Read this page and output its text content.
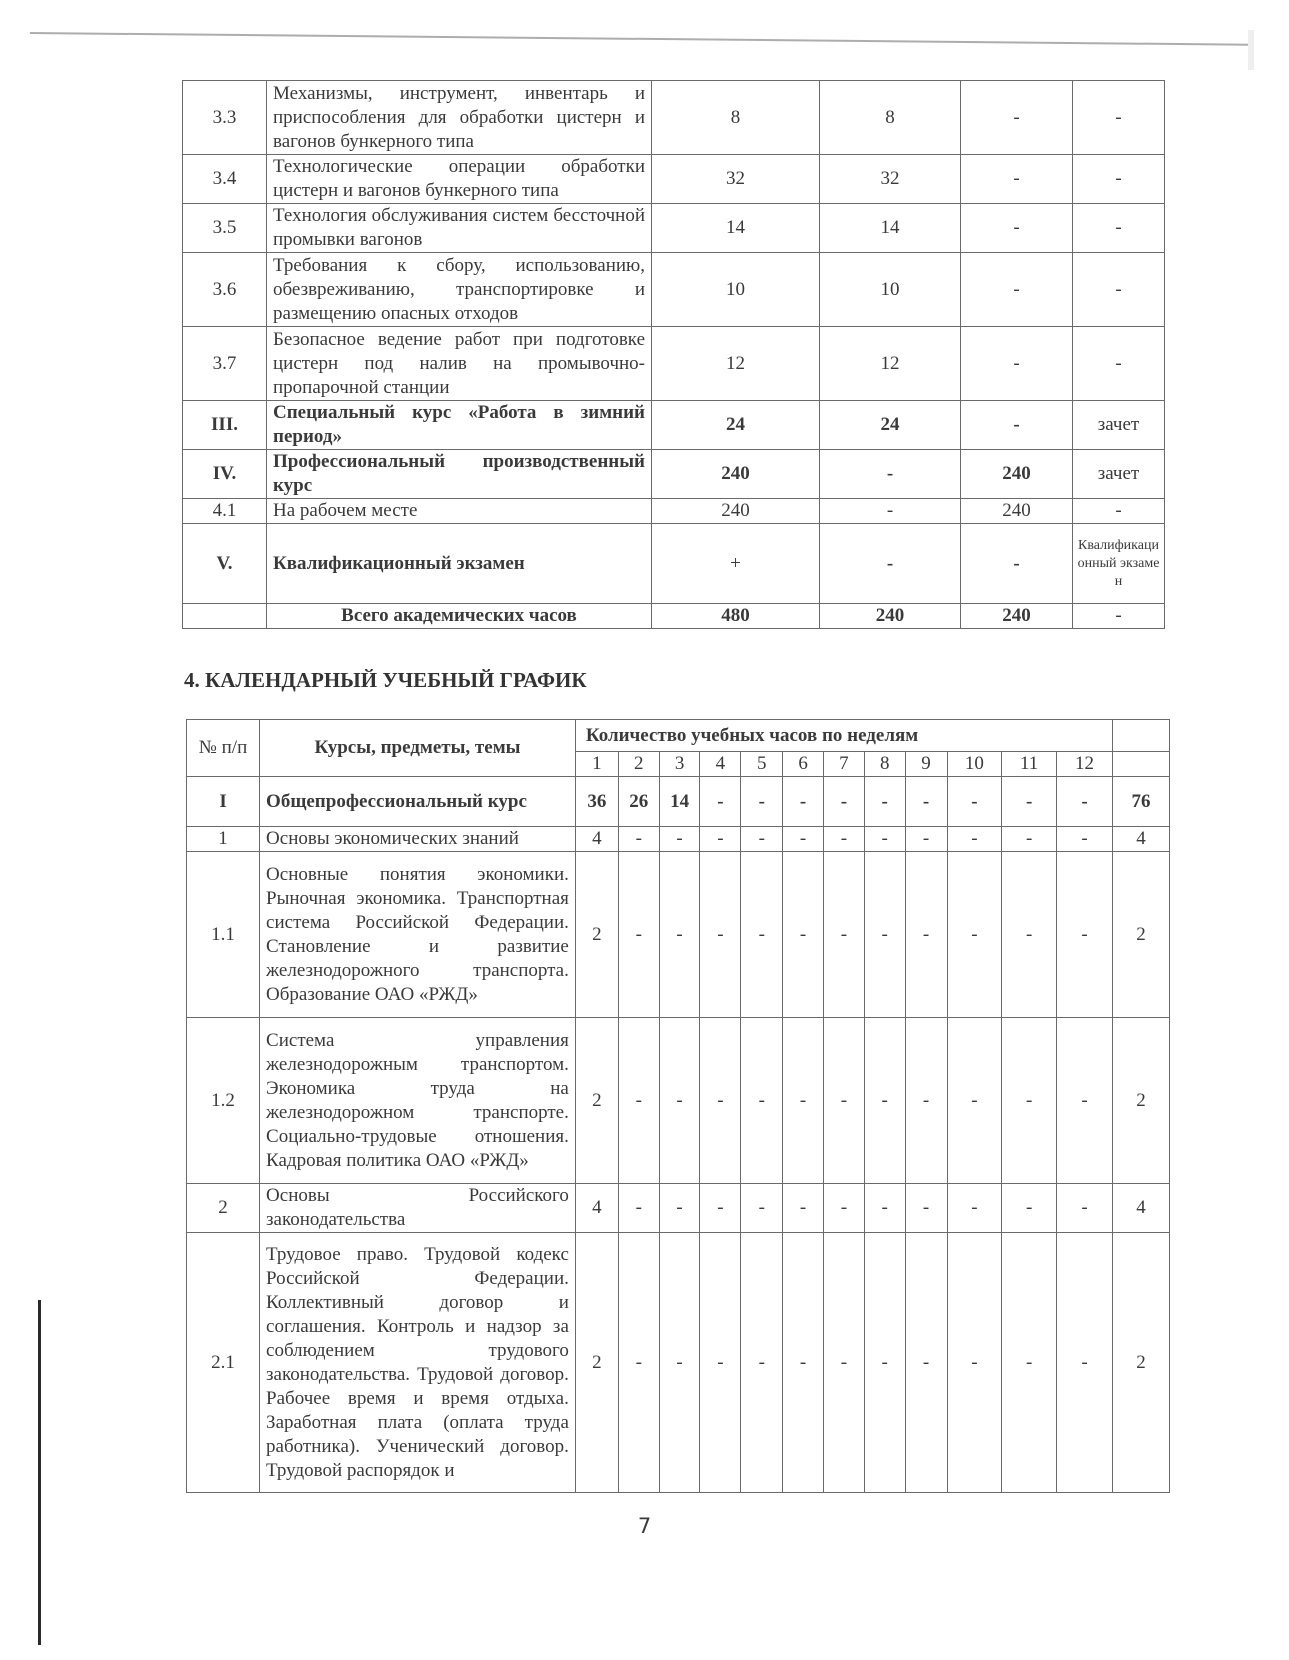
3.3	Механизмы, инструмент, инвентарь и приспособления для обработки цистерн и вагонов бункерного типа	8	8	-	-
3.4	Технологические операции обработки цистерн и вагонов бункерного типа	32	32	-	-
3.5	Технология обслуживания систем бессточной промывки вагонов	14	14	-	-
3.6	Требования к сбору, использованию, обезвреживанию, транспортировке и размещению опасных отходов	10	10	-	-
3.7	Безопасное ведение работ при подготовке цистерн под налив на промывочно-пропарочной станции	12	12	-	-
III.	Специальный курс «Работа в зимний период»	24	24	-	зачет
IV.	Профессиональный производственный курс	240	-	240	зачет
4.1	На рабочем месте	240	-	240	-
V.	Квалификационный экзамен	+	-	-	Квалификационный экзамен
	Всего академических часов	480	240	240	-
4. КАЛЕНДАРНЫЙ УЧЕБНЫЙ ГРАФИК
№ п/п	Курсы, предметы, темы	Количество учебных часов по неделям												
		1	2	3	4	5	6	7	8	9	10	11	12	
I	Общепрофессиональный курс	36	26	14	-	-	-	-	-	-	-	-	-	76
1	Основы экономических знаний	4	-	-	-	-	-	-	-	-	-	-	-	4
1.1	Основные понятия экономики. Рыночная экономика. Транспортная система Российской Федерации. Становление и развитие железнодорожного транспорта. Образование ОАО «РЖД»	2	-	-	-	-	-	-	-	-	-	-	-	2
1.2	Система управления железнодорожным транспортом. Экономика труда на железнодорожном транспорте. Социально-трудовые отношения. Кадровая политика ОАО «РЖД»	2	-	-	-	-	-	-	-	-	-	-	-	2
2	Основы Российского законодательства	4	-	-	-	-	-	-	-	-	-	-	-	4
2.1	Трудовое право. Трудовой кодекс Российской Федерации. Коллективный договор и соглашения. Контроль и надзор за соблюдением трудового законодательства. Трудовой договор. Рабочее время и время отдыха. Заработная плата (оплата труда работника). Ученический договор. Трудовой распорядок и	2	-	-	-	-	-	-	-	-	-	-	-	2
7
